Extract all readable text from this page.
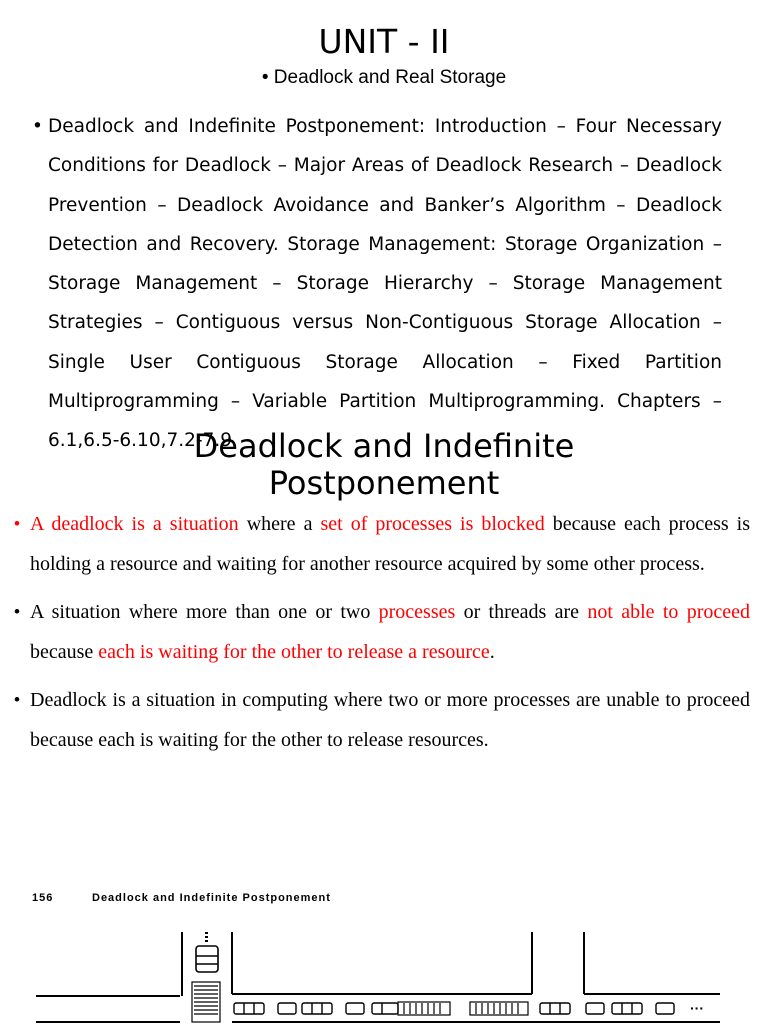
UNIT - II
• Deadlock and Real Storage
• Deadlock and Indefinite Postponement: Introduction – Four Necessary Conditions for Deadlock – Major Areas of Deadlock Research – Deadlock Prevention – Deadlock Avoidance and Banker’s Algorithm – Deadlock Detection and Recovery. Storage Management: Storage Organization – Storage Management – Storage Hierarchy – Storage Management Strategies – Contiguous versus Non-Contiguous Storage Allocation – Single User Contiguous Storage Allocation – Fixed Partition Multiprogramming – Variable Partition Multiprogramming. Chapters – 6.1,6.5-6.10,7.2-7.9
Deadlock and Indefinite
Postponement
• A deadlock is a situation where a set of processes is blocked because each process is holding a resource and waiting for another resource acquired by some other process.
• A situation where more than one or two processes or threads are not able to proceed because each is waiting for the other to release a resource.
• Deadlock is a situation in computing where two or more processes are unable to proceed because each is waiting for the other to release resources.
156	Deadlock and Indefinite Postponement
···
